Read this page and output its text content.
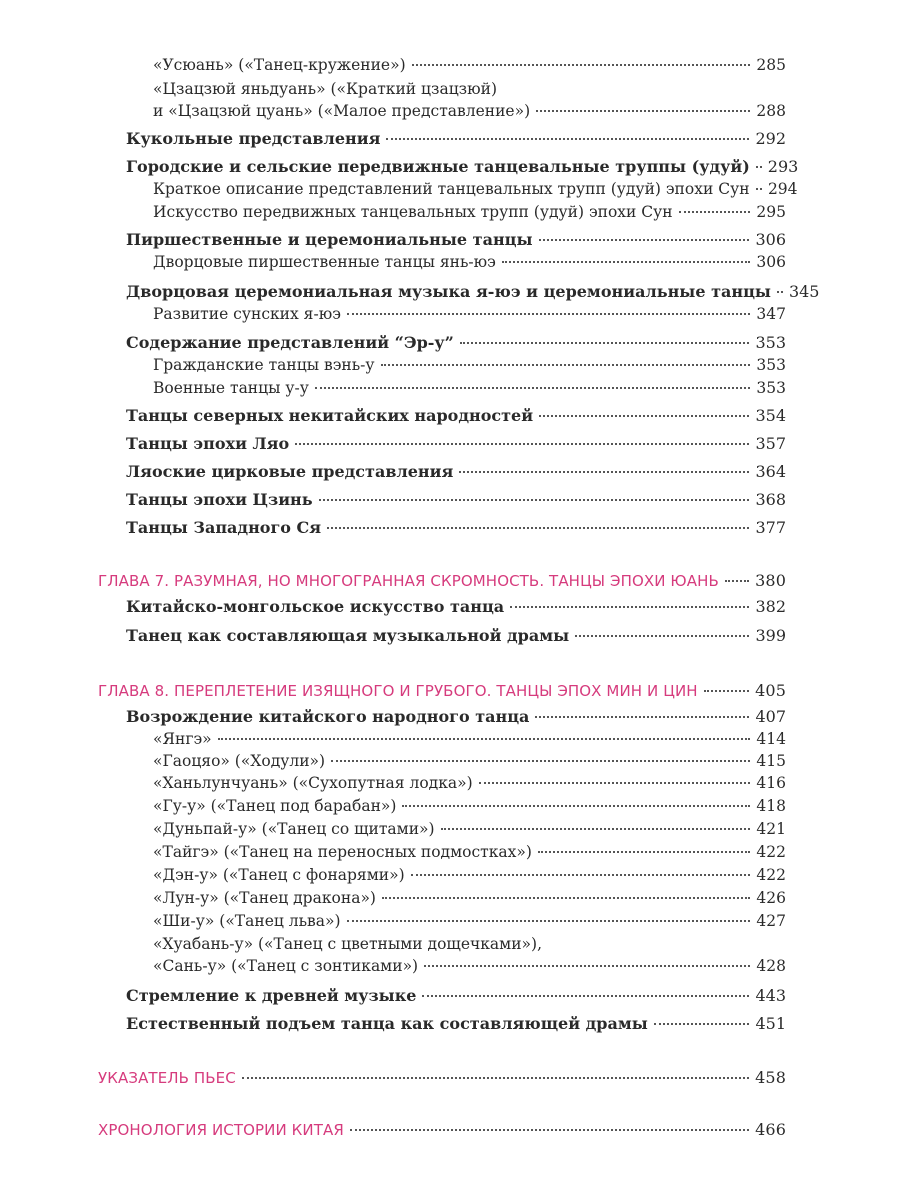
«Усюань» («Танец-кружение»)	285
«Цзацзюй яньдуань» («Краткий цзацзюй)
и «Цзацзюй цуань» («Малое представление»)	288
Кукольные представления	292
Городские и сельские передвижные танцевальные труппы (удуй) 293
Краткое описание представлений танцевальных трупп (удуй) эпохи Сун 294
Искусство передвижных танцевальных трупп (удуй) эпохи Сун	295
Пиршественные и церемониальные танцы	306
Дворцовые пиршественные танцы янь-юэ	306
Дворцовая церемониальная музыка я-юэ и церемониальные танцы 345
Развитие сунских я-юэ	347
Содержание представлений “Эр-у”	353
Гражданские танцы вэнь-у	353
Военные танцы у-у	353
Танцы северных некитайских народностей	354
Танцы эпохи Ляо	357
Ляоские цирковые представления	364
Танцы эпохи Цзинь	368
Танцы Западного Ся	377
ГЛАВА 7. РАЗУМНАЯ, НО МНОГОГРАННАЯ СКРОМНОСТЬ. ТАНЦЫ ЭПОХИ ЮАНЬ 380
Китайско-монгольское искусство танца	382
Танец как составляющая музыкальной драмы	399
ГЛАВА 8. ПЕРЕПЛЕТЕНИЕ ИЗЯЩНОГО И ГРУБОГО. ТАНЦЫ ЭПОХ МИН И ЦИН	405
Возрождение китайского народного танца	407
«Янгэ»	414
«Гаоцяо» («Ходули»)	415
«Ханьлунчуань» («Сухопутная лодка»)	416
«Гу-у» («Танец под барабан»)	418
«Дуньпай-у» («Танец со щитами»)	421
«Тайгэ» («Танец на переносных подмостках»)	422
«Дэн-у» («Танец с фонарями»)	422
«Лун-у» («Танец дракона»)	426
«Ши-у» («Танец льва»)	427
«Хуабань-у» («Танец с цветными дощечками»),
«Сань-у» («Танец с зонтиками»)	428
Стремление к древней музыке	443
Естественный подъем танца как составляющей драмы	451
УКАЗАТЕЛЬ ПЬЕС	458
ХРОНОЛОГИЯ ИСТОРИИ КИТАЯ	466
